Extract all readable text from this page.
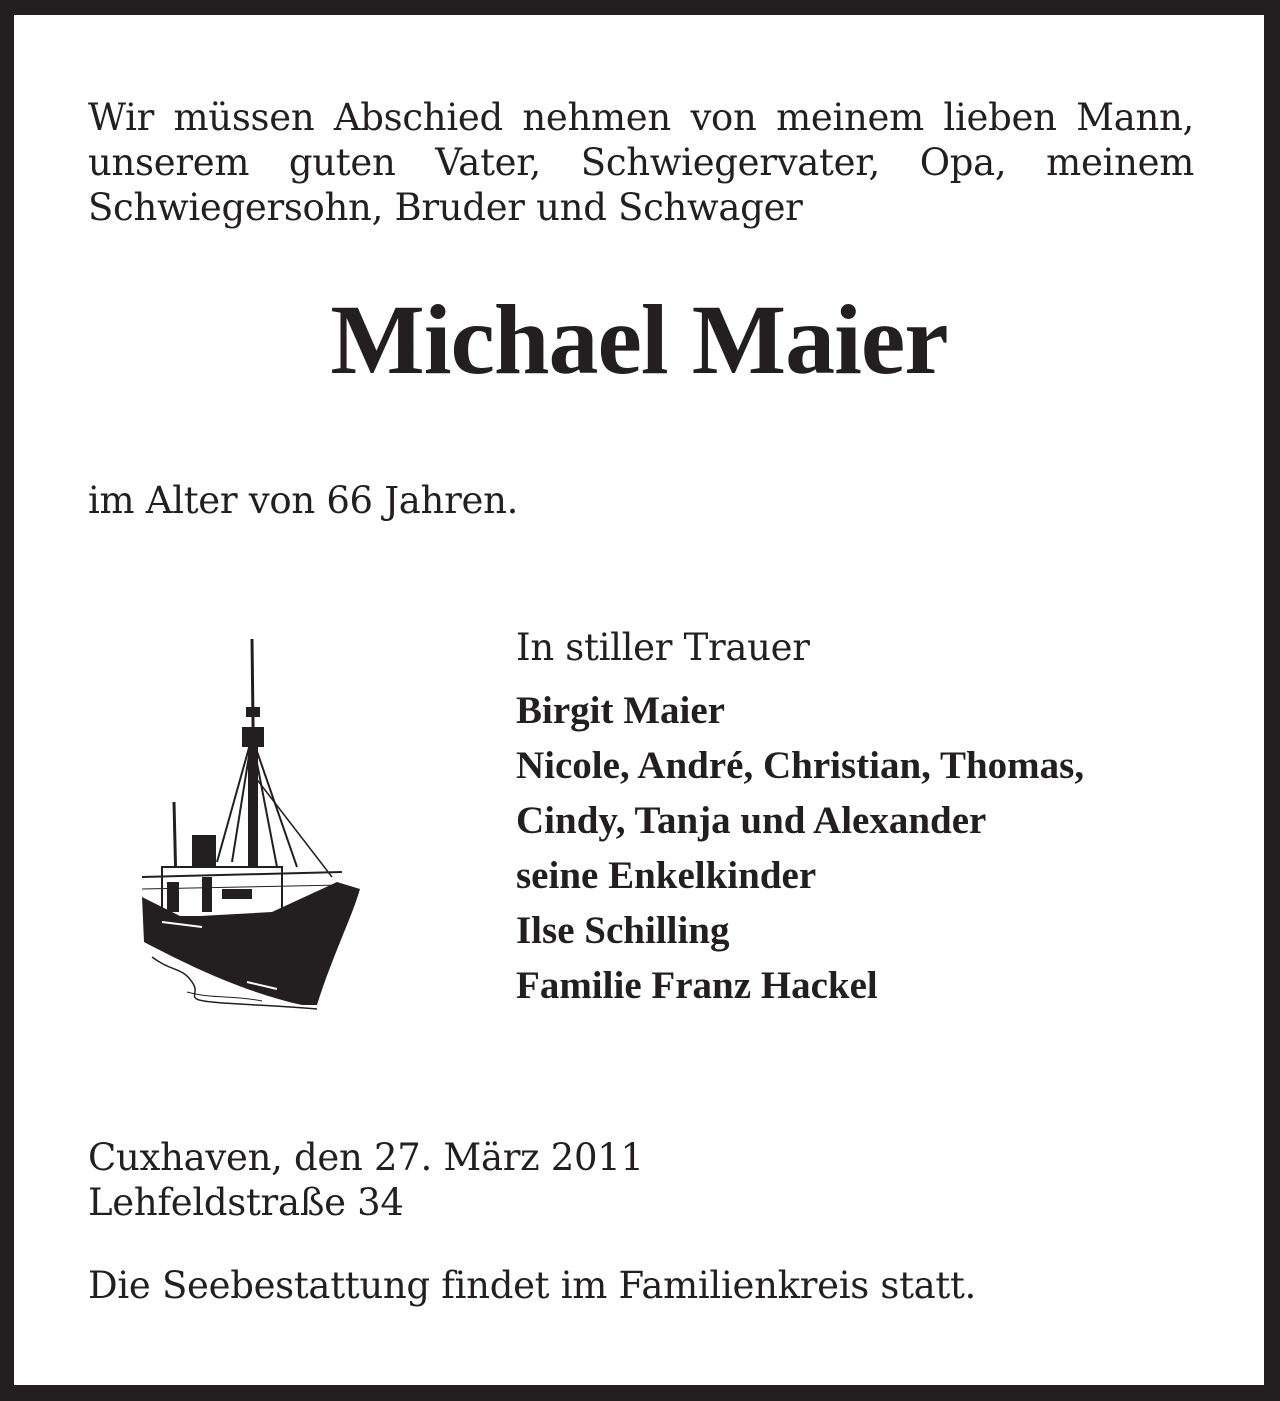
Wir müssen Abschied nehmen von meinem lieben Mann,
unserem guten Vater, Schwiegervater, Opa, meinem
Schwiegersohn, Bruder und Schwager
Michael Maier
im Alter von 66 Jahren.
In stiller Trauer
Birgit Maier
Nicole, André, Christian, Thomas,
Cindy, Tanja und Alexander
seine Enkelkinder
Ilse Schilling
Familie Franz Hackel
Cuxhaven, den 27. März 2011
Lehfeldstraße 34
Die Seebestattung findet im Familienkreis statt.
